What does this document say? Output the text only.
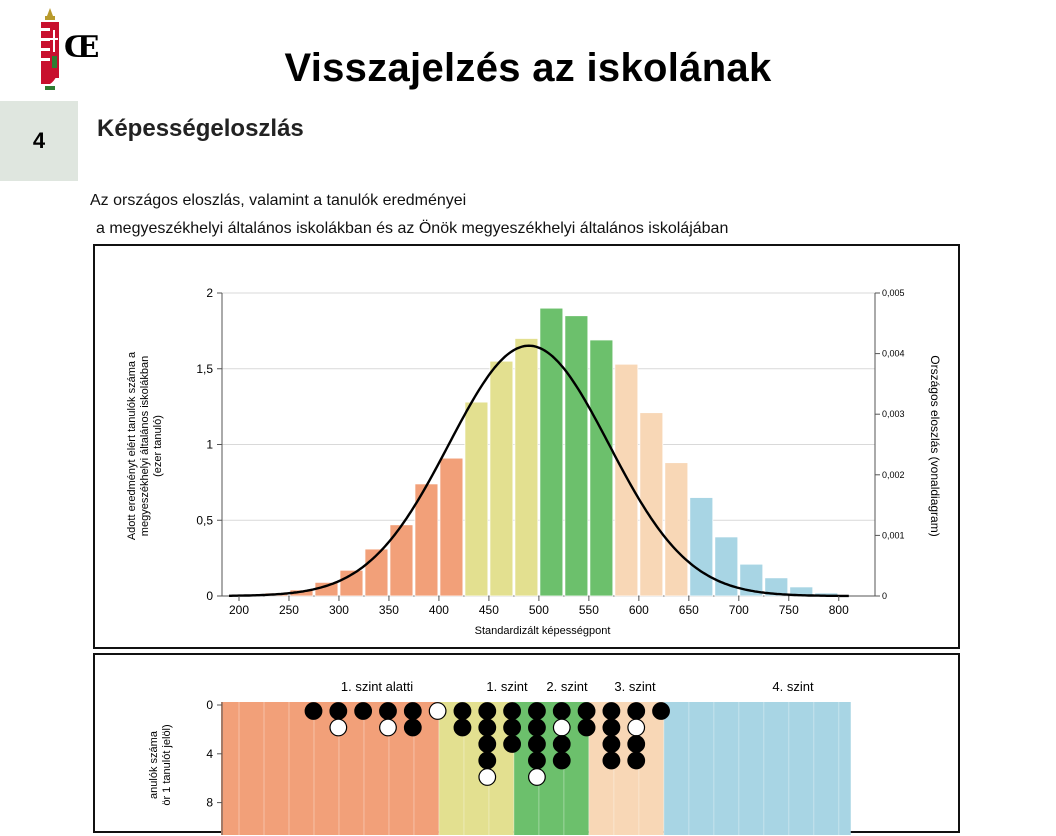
Œ	Visszajelzés az iskolának
4	Képességeloszlás
Az országos eloszlás, valamint a tanulók eredményei
a megyeszékhelyi általános iskolákban és az Önök megyeszékhelyi általános iskolájában
0
0,5
1
1,5
2
0
0,001
0,002
0,003
0,004
0,005
200 250 300 350 400 450 500 550 600 650 700 750 800
Standardizált képességpont
Adott eredményt elért tanulók száma amegyeszékhelyi általános iskolákban(ezer tanuló)	Országos eloszlás (vonaldiagram)
1. szint alatti	1. szint 2. szint 3. szint	4. szint
0
4
8
anulók számaör 1 tanulót jelöl)
